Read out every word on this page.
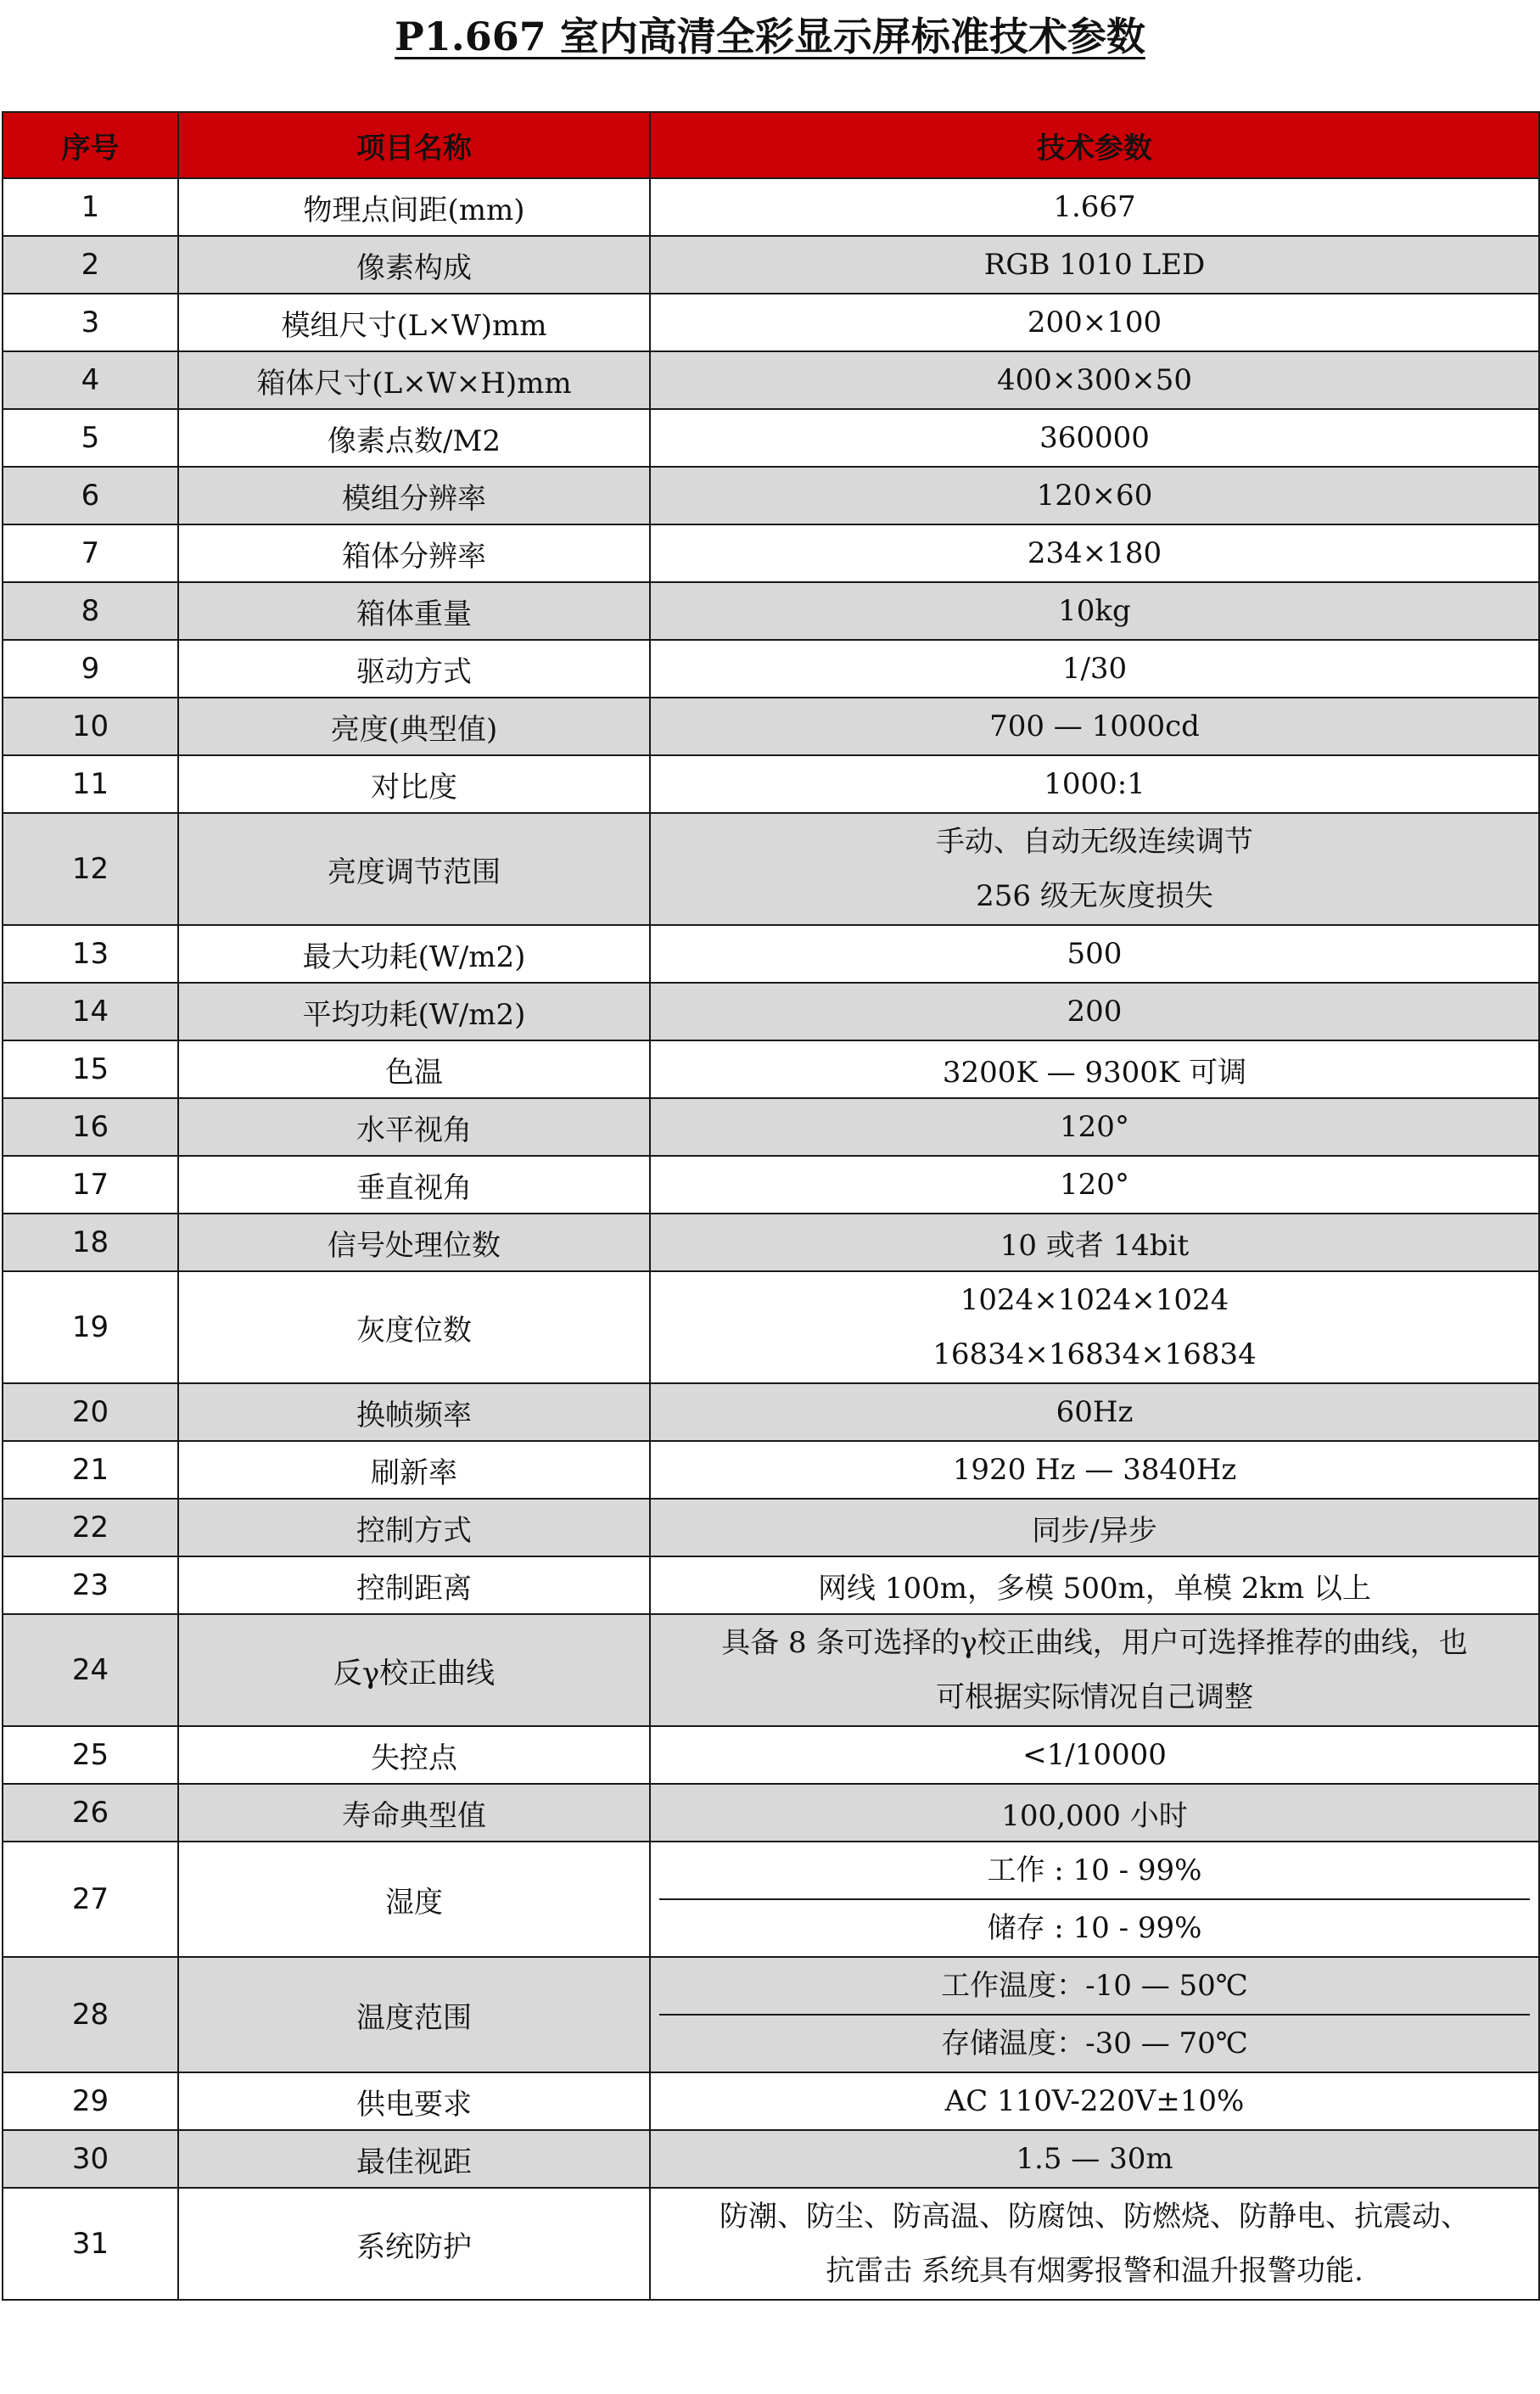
P1.667 室内高清全彩显示屏标准技术参数
序号	项目名称	技术参数
1	物理点间距(mm)	1.667
2	像素构成	RGB 1010 LED
3	模组尺寸(L×W)mm	200×100
4	箱体尺寸(L×W×H)mm	400×300×50
5	像素点数/M2	360000
6	模组分辨率	120×60
7	箱体分辨率	234×180
8	箱体重量	10kg
9	驱动方式	1/30
10	亮度(典型值)	700 — 1000cd
11	对比度	1000:1
12	亮度调节范围	手动、自动无级连续调节
256 级无灰度损失

13	最大功耗(W/m2)	500
14	平均功耗(W/m2)	200
15	色温	3200K — 9300K 可调
16	水平视角	120°
17	垂直视角	120°
18	信号处理位数	10 或者 14bit
19	灰度位数	1024×1024×1024
16834×16834×16834

20	换帧频率	60Hz
21	刷新率	1920 Hz — 3840Hz
22	控制方式	同步/异步
23	控制距离	网线 100m，多模 500m，单模 2km 以上
24	反γ校正曲线	具备 8 条可选择的γ校正曲线，用户可选择推荐的曲线，也
可根据实际情况自己调整

25	失控点	<1/10000
26	寿命典型值	100,000 小时
27	湿度	工作 : 10 - 99%
储存 : 10 - 99%

28	温度范围	工作温度：-10 — 50℃
存储温度：-30 — 70℃

29	供电要求	AC 110V-220V±10%
30	最佳视距	1.5 — 30m
31	系统防护	防潮、防尘、防高温、防腐蚀、防燃烧、防静电、抗震动、
抗雷击 系统具有烟雾报警和温升报警功能.
